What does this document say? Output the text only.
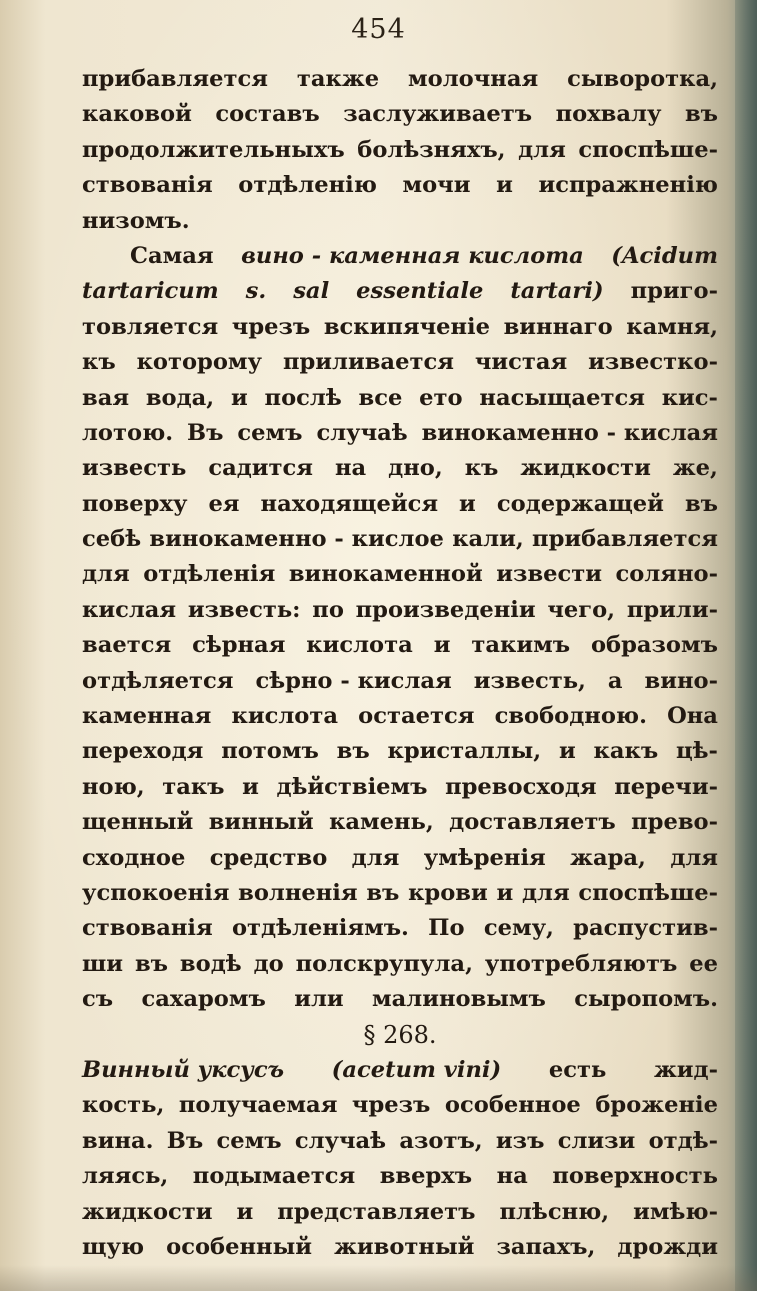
454
прибавляется также молочная сыворотка,
каковой составъ заслуживаетъ похвалу въ
продолжительныхъ болѣзняхъ, для споспѣше-
ствованія отдѣленію мочи и испражненію
низомъ.
Самая вино - каменная кислота (Acidum
tartaricum s. sal essentiale tartari) приго-
товляется чрезъ вскипяченіе виннаго камня,
къ которому приливается чистая известко-
вая вода, и послѣ все ето насыщается кис-
лотою. Въ семъ случаѣ винокаменно - кислая
известь садится на дно, къ жидкости же,
поверху ея находящейся и содержащей въ
себѣ винокаменно - кислое кали, прибавляется
для отдѣленія винокаменной извести соляно-
кислая известь: по произведеніи чего, прили-
вается сѣрная кислота и такимъ образомъ
отдѣляется сѣрно - кислая известь, а вино-
каменная кислота остается свободною. Она
переходя потомъ въ кристаллы, и какъ цѣ-
ною, такъ и дѣйствіемъ превосходя перечи-
щенный винный камень, доставляетъ прево-
сходное средство для умѣренія жара, для
успокоенія волненія въ крови и для споспѣше-
ствованія отдѣленіямъ. По сему, распустив-
ши въ водѣ до полскрупула, употребляютъ ее
съ сахаромъ или малиновымъ сыропомъ.
§ 268.
Винный уксусъ (acetum vini) есть жид-
кость, получаемая чрезъ особенное броженіе
вина. Въ семъ случаѣ азотъ, изъ слизи отдѣ-
ляясь, подымается вверхъ на поверхность
жидкости и представляетъ плѣсню, имѣю-
щую особенный животный запахъ, дрожди
